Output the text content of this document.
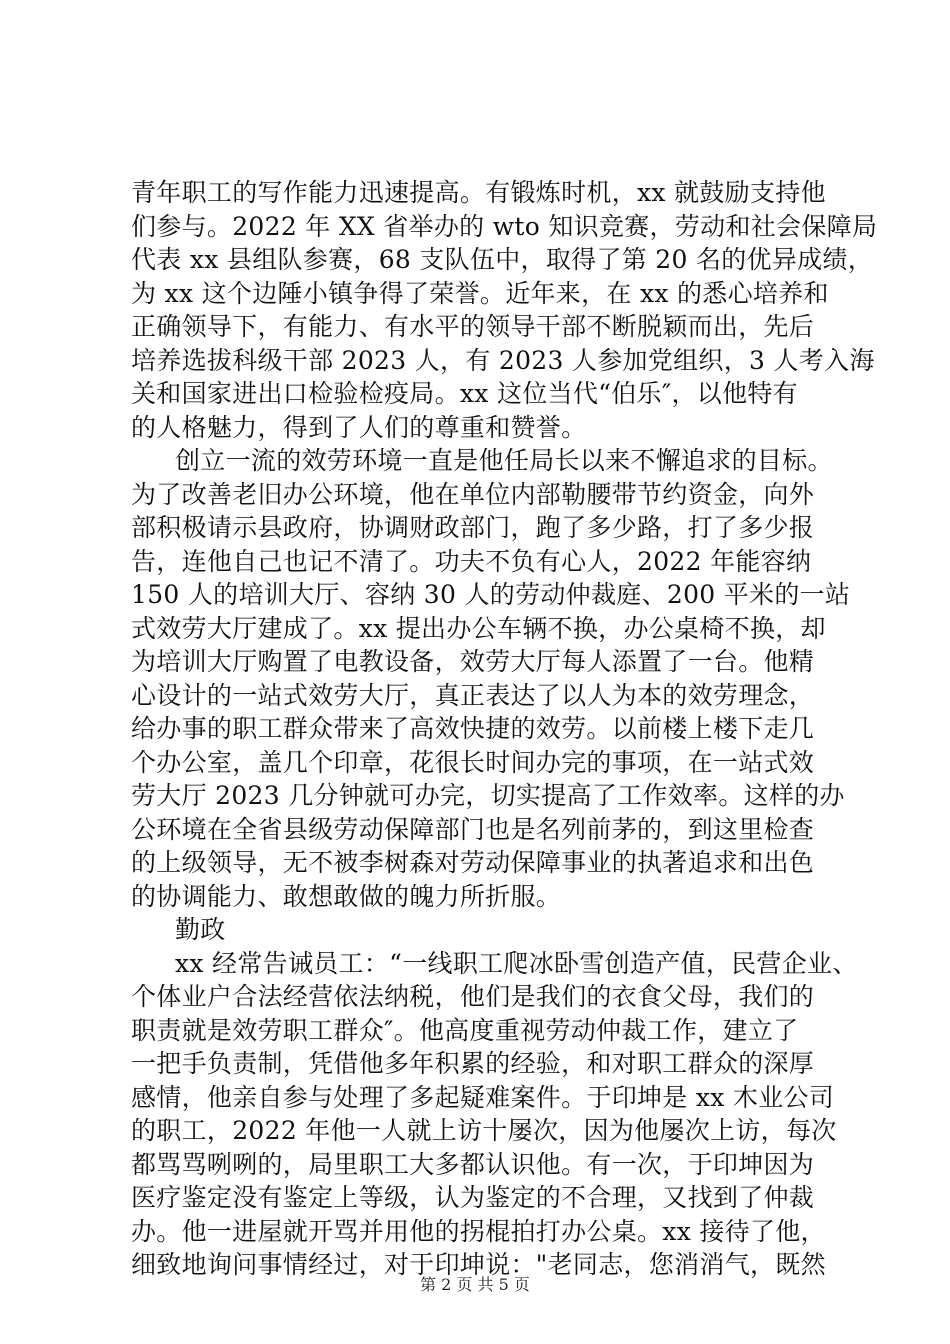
青年职工的写作能力迅速提高。有锻炼时机，xx 就鼓励支持他
们参与。2022 年 XX 省举办的 wto 知识竞赛，劳动和社会保障局
代表 xx 县组队参赛，68 支队伍中，取得了第 20 名的优异成绩，
为 xx 这个边陲小镇争得了荣誉。近年来，在 xx 的悉心培养和
正确领导下，有能力、有水平的领导干部不断脱颖而出，先后
培养选拔科级干部 2023 人，有 2023 人参加党组织，3 人考入海
关和国家进出口检验检疫局。xx 这位当代“伯乐″，以他特有
的人格魅力，得到了人们的尊重和赞誉。
创立一流的效劳环境一直是他任局长以来不懈追求的目标。
为了改善老旧办公环境，他在单位内部勒腰带节约资金，向外
部积极请示县政府，协调财政部门，跑了多少路，打了多少报
告，连他自己也记不清了。功夫不负有心人，2022 年能容纳
150 人的培训大厅、容纳 30 人的劳动仲裁庭、200 平米的一站
式效劳大厅建成了。xx 提出办公车辆不换，办公桌椅不换，却
为培训大厅购置了电教设备，效劳大厅每人添置了一台。他精
心设计的一站式效劳大厅，真正表达了以人为本的效劳理念，
给办事的职工群众带来了高效快捷的效劳。以前楼上楼下走几
个办公室，盖几个印章，花很长时间办完的事项，在一站式效
劳大厅 2023 几分钟就可办完，切实提高了工作效率。这样的办
公环境在全省县级劳动保障部门也是名列前茅的，到这里检查
的上级领导，无不被李树森对劳动保障事业的执著追求和出色
的协调能力、敢想敢做的魄力所折服。
勤政
xx 经常告诫员工：“一线职工爬冰卧雪创造产值，民营企业、
个体业户合法经营依法纳税，他们是我们的衣食父母，我们的
职责就是效劳职工群众″。他高度重视劳动仲裁工作，建立了
一把手负责制，凭借他多年积累的经验，和对职工群众的深厚
感情，他亲自参与处理了多起疑难案件。于印坤是 xx 木业公司
的职工，2022 年他一人就上访十屡次，因为他屡次上访，每次
都骂骂咧咧的，局里职工大多都认识他。有一次，于印坤因为
医疗鉴定没有鉴定上等级，认为鉴定的不合理，又找到了仲裁
办。他一进屋就开骂并用他的拐棍拍打办公桌。xx 接待了他，
细致地询问事情经过，对于印坤说："老同志，您消消气，既然
第 2 页 共 5 页
